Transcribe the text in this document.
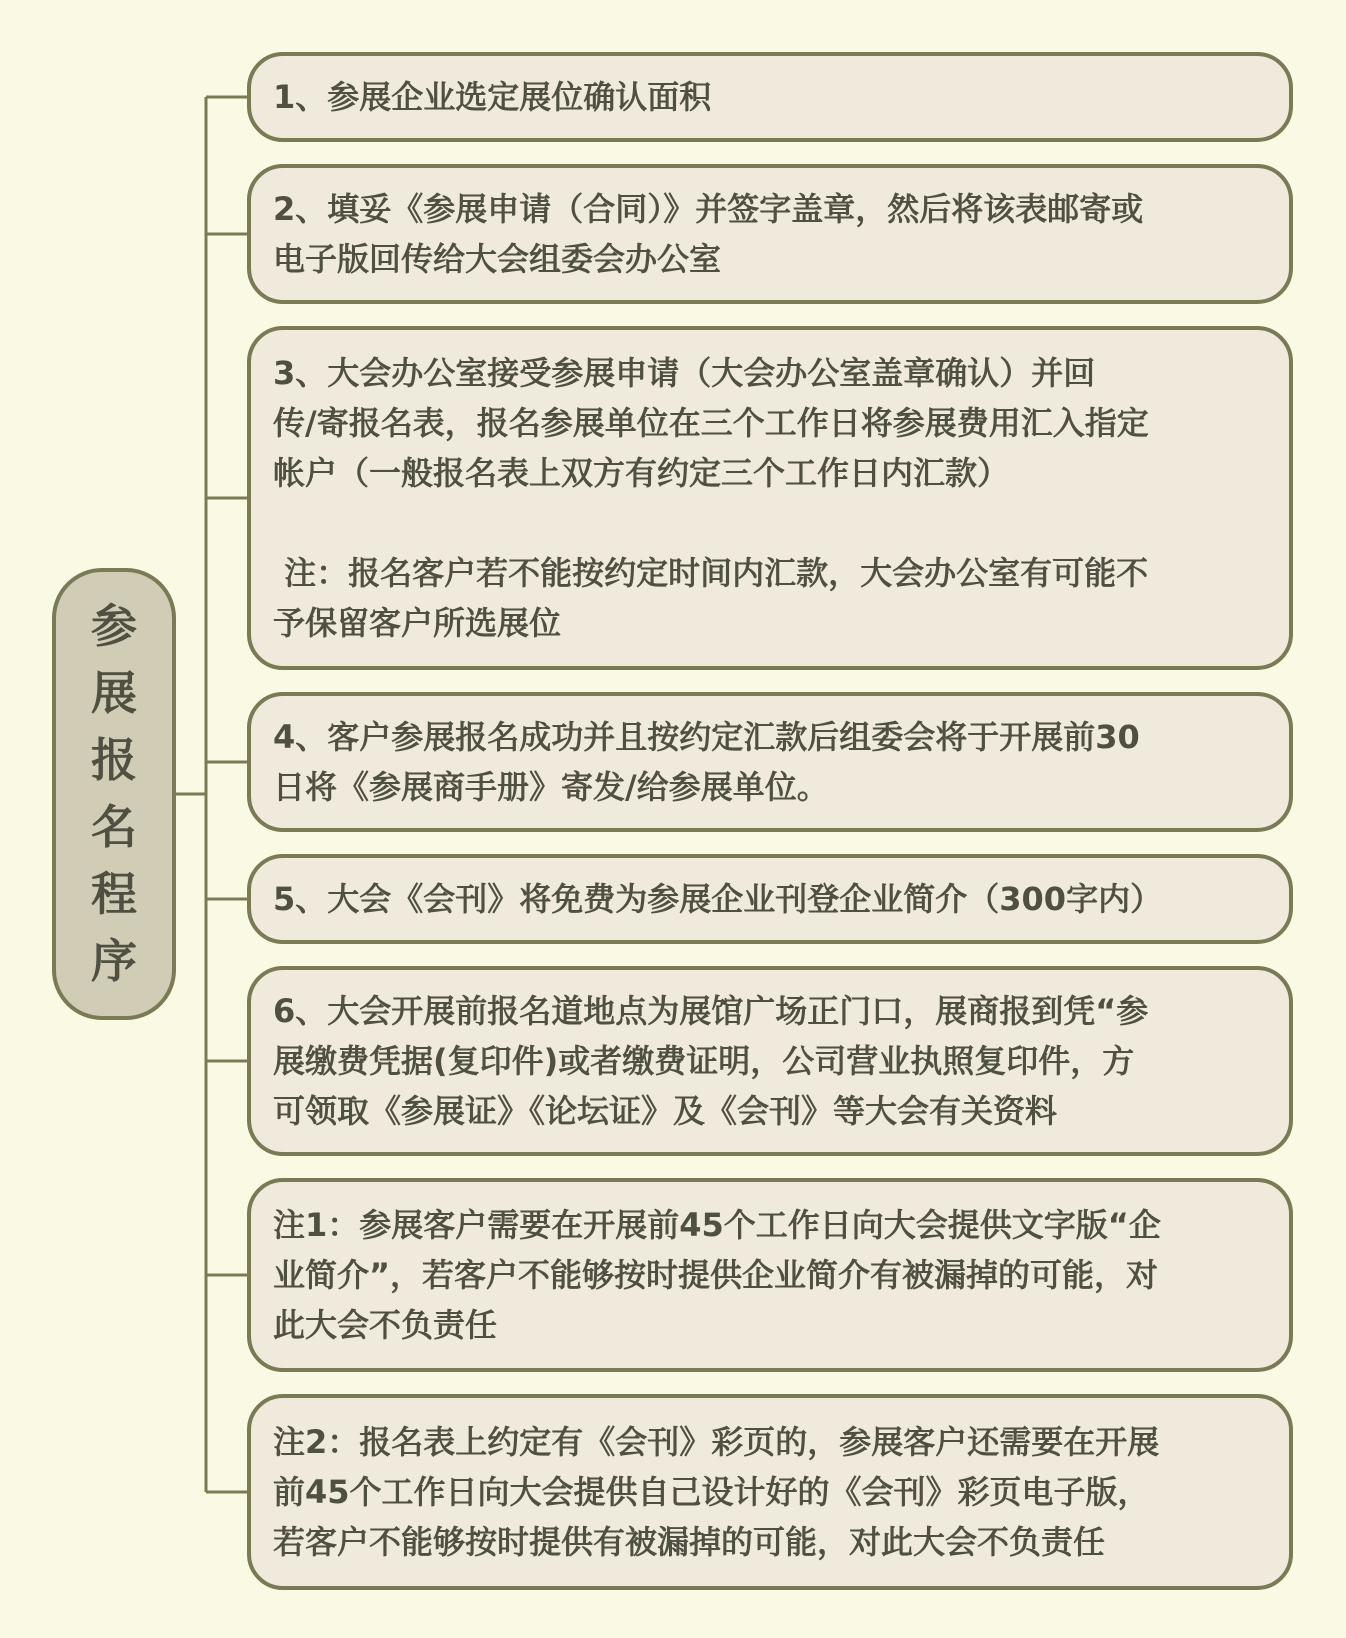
参
展
报
名
程
序
1、参展企业选定展位确认面积
2、填妥《参展申请（合同）》并签字盖章，然后将该表邮寄或
电子版回传给大会组委会办公室
3、大会办公室接受参展申请（大会办公室盖章确认）并回
传/寄报名表，报名参展单位在三个工作日将参展费用汇入指定
帐户（一般报名表上双方有约定三个工作日内汇款）
注：报名客户若不能按约定时间内汇款，大会办公室有可能不
予保留客户所选展位
4、客户参展报名成功并且按约定汇款后组委会将于开展前30
日将《参展商手册》寄发/给参展单位。
5、大会《会刊》将免费为参展企业刊登企业简介（300字内）
6、大会开展前报名道地点为展馆广场正门口，展商报到凭“参
展缴费凭据(复印件)或者缴费证明，公司营业执照复印件，方
可领取《参展证》《论坛证》及《会刊》等大会有关资料
注1：参展客户需要在开展前45个工作日向大会提供文字版“企
业简介”，若客户不能够按时提供企业简介有被漏掉的可能，对
此大会不负责任
注2：报名表上约定有《会刊》彩页的，参展客户还需要在开展
前45个工作日向大会提供自己设计好的《会刊》彩页电子版，
若客户不能够按时提供有被漏掉的可能，对此大会不负责任
